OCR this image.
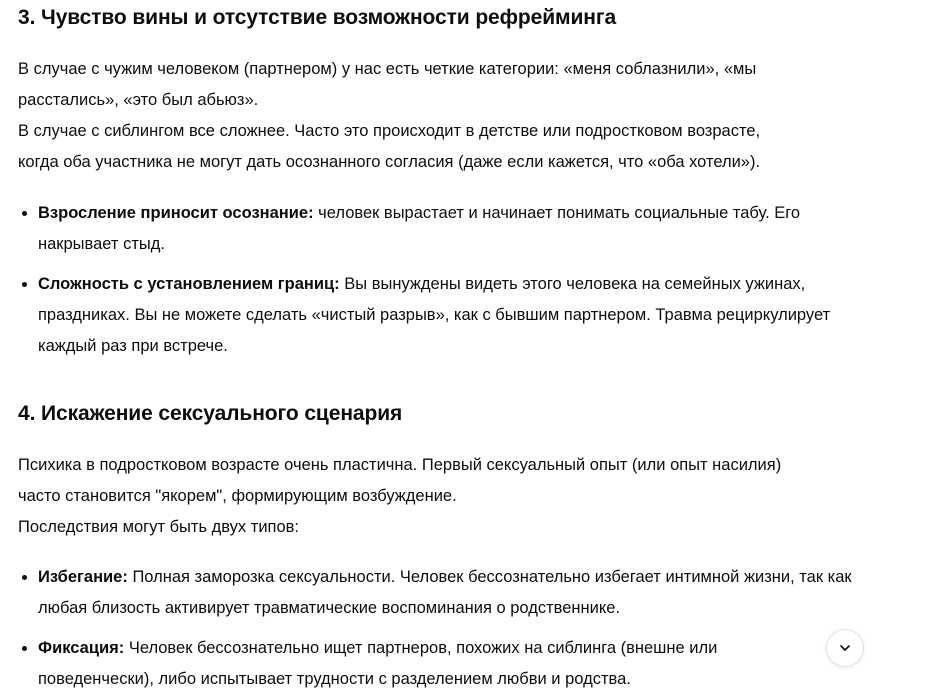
3. Чувство вины и отсутствие возможности рефрейминга

В случае с чужим человеком (партнером) у нас есть четкие категории: «меня соблазнили», «мы
расстались», «это был абьюз».
В случае с сиблингом все сложнее. Часто это происходит в детстве или подростковом возрасте,
когда оба участника не могут дать осознанного согласия (даже если кажется, что «оба хотели»).

Взросление приносит осознание: человек вырастает и начинает понимать социальные табу. Его накрывает стыд.
Сложность с установлением границ: Вы вынуждены видеть этого человека на семейных ужинах, праздниках. Вы не можете сделать «чистый разрыв», как с бывшим партнером. Травма рециркулирует каждый раз при встрече.
4. Искажение сексуального сценария

Психика в подростковом возрасте очень пластична. Первый сексуальный опыт (или опыт насилия)
часто становится "якорем", формирующим возбуждение.
Последствия могут быть двух типов:

Избегание: Полная заморозка сексуальности. Человек бессознательно избегает интимной жизни, так как любая близость активирует травматические воспоминания о родственнике.
Фиксация: Человек бессознательно ищет партнеров, похожих на сиблинга (внешне или поведенчески), либо испытывает трудности с разделением любви и родства.
